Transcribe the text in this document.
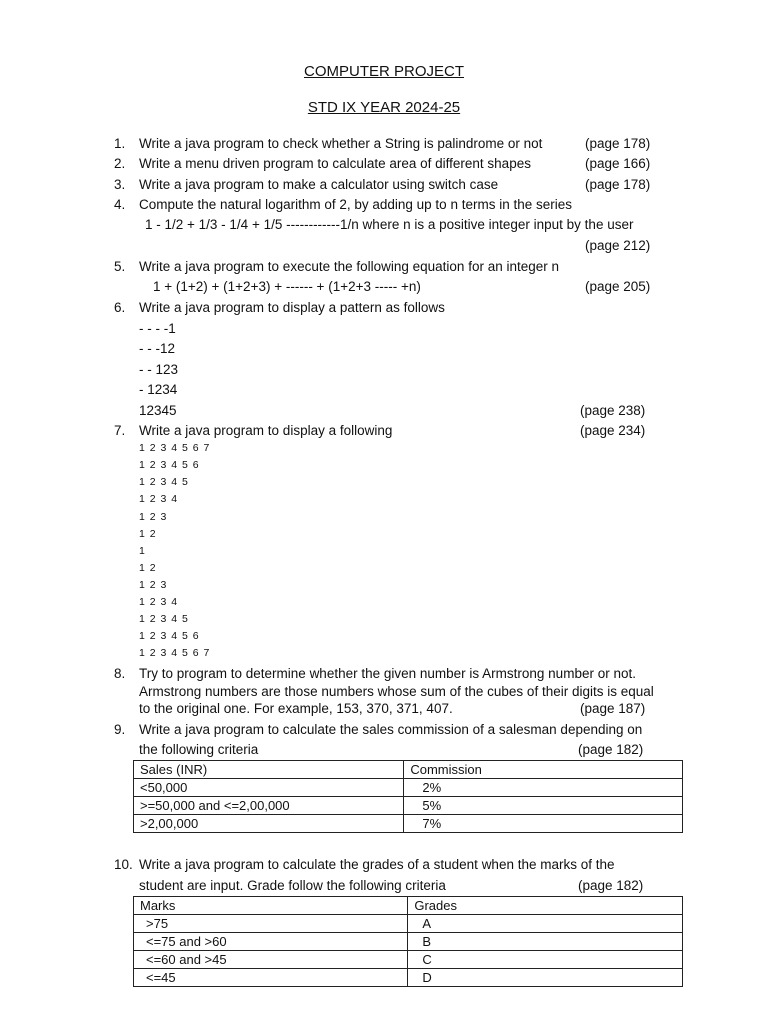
COMPUTER PROJECT
STD IX YEAR 2024-25
1. Write a java program to check whether a String is palindrome or not	(page 178)
2. Write a menu driven program to calculate area of different shapes	(page 166)
3. Write a java program to make a calculator using switch case	(page 178)
4. Compute the natural logarithm of 2, by adding up to n terms in the series
1 - 1/2 + 1/3 - 1/4 + 1/5 ------------1/n where n is a positive integer input by the user
(page 212)
5. Write a java program to execute the following equation for an integer n
1 + (1+2) + (1+2+3) + ------ + (1+2+3 ----- +n)	(page 205)
6. Write a java program to display a pattern as follows
- - - -1
- - -12
- - 123
- 1234
12345	(page 238)
7. Write a java program to display a following	(page 234)
1 2 3 4 5 6 7
1 2 3 4 5 6
1 2 3 4 5
1 2 3 4
1 2 3
1 2
1
1 2
1 2 3
1 2 3 4
1 2 3 4 5
1 2 3 4 5 6
1 2 3 4 5 6 7
8. Try to program to determine whether the given number is Armstrong number or not.
Armstrong numbers are those numbers whose sum of the cubes of their digits is equal
to the original one. For example, 153, 370, 371, 407.	(page 187)
9. Write a java program to calculate the sales commission of a salesman depending on
the following criteria	(page 182)
Sales (INR)	Commission
<50,000	2%
>=50,000 and <=2,00,000	5%
>2,00,000	7%
10. Write a java program to calculate the grades of a student when the marks of the
student are input. Grade follow the following criteria	(page 182)
Marks	Grades
>75	A
<=75 and >60	B
<=60 and >45	C
<=45	D
